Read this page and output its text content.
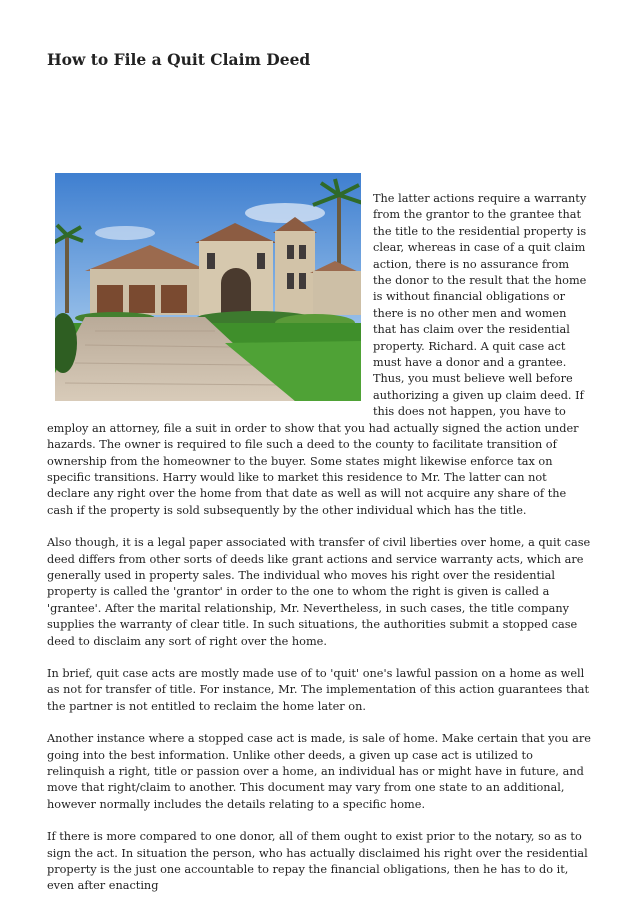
How to File a Quit Claim Deed

The latter actions require a warranty from the grantor to the grantee that the title to the residential property is clear, whereas in case of a quit claim action, there is no assurance from the donor to the result that the home is without financial obligations or there is no other men and women that has claim over the residential property. Richard. A quit case act must have a donor and a grantee. Thus, you must believe well before authorizing a given up claim deed. If this does not happen, you have to employ an attorney, file a suit in order to show that you had actually signed the action under hazards. The owner is required to file such a deed to the county to facilitate transition of ownership from the homeowner to the buyer. Some states might likewise enforce tax on specific transitions. Harry would like to market this residence to Mr. The latter can not declare any right over the home from that date as well as will not acquire any share of the cash if the property is sold subsequently by the other individual which has the title.

Also though, it is a legal paper associated with transfer of civil liberties over home, a quit case deed differs from other sorts of deeds like grant actions and service warranty acts, which are generally used in property sales. The individual who moves his right over the residential property is called the 'grantor' in order to the one to whom the right is given is called a 'grantee'. After the marital relationship, Mr. Nevertheless, in such cases, the title company supplies the warranty of clear title. In such situations, the authorities submit a stopped case deed to disclaim any sort of right over the home.

In brief, quit case acts are mostly made use of to 'quit' one's lawful passion on a home as well as not for transfer of title. For instance, Mr. The implementation of this action guarantees that the partner is not entitled to reclaim the home later on.

Another instance where a stopped case act is made, is sale of home. Make certain that you are going into the best information. Unlike other deeds, a given up case act is utilized to relinquish a right, title or passion over a home, an individual has or might have in future, and move that right/claim to another. This document may vary from one state to an additional, however normally includes the details relating to a specific home.

If there is more compared to one donor, all of them ought to exist prior to the notary, so as to sign the act. In situation the person, who has actually disclaimed his right over the residential property is the just one accountable to repay the financial obligations, then he has to do it, even after enacting
